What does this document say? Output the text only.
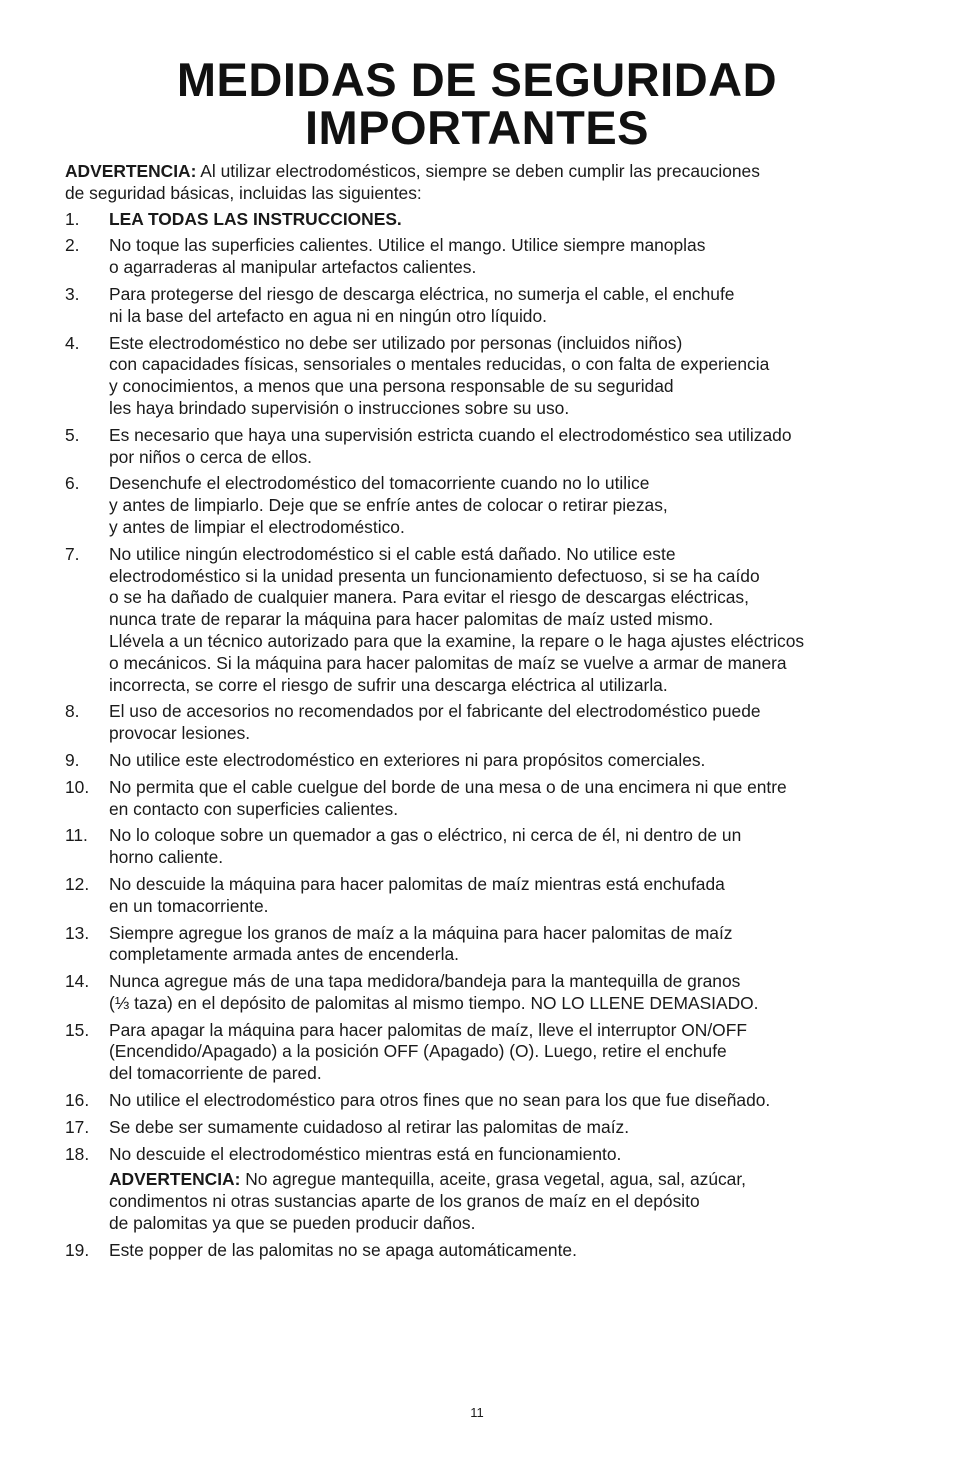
MEDIDAS DE SEGURIDAD
IMPORTANTES
ADVERTENCIA: Al utilizar electrodomésticos, siempre se deben cumplir las precauciones
de seguridad básicas, incluidas las siguientes:
1. LEA TODAS LAS INSTRUCCIONES.
2. No toque las superficies calientes. Utilice el mango. Utilice siempre manoplas
o agarraderas al manipular artefactos calientes.
3. Para protegerse del riesgo de descarga eléctrica, no sumerja el cable, el enchufe
ni la base del artefacto en agua ni en ningún otro líquido.
4. Este electrodoméstico no debe ser utilizado por personas (incluidos niños)
con capacidades físicas, sensoriales o mentales reducidas, o con falta de experiencia
y conocimientos, a menos que una persona responsable de su seguridad
les haya brindado supervisión o instrucciones sobre su uso.
5. Es necesario que haya una supervisión estricta cuando el electrodoméstico sea utilizado
por niños o cerca de ellos.
6. Desenchufe el electrodoméstico del tomacorriente cuando no lo utilice
y antes de limpiarlo. Deje que se enfríe antes de colocar o retirar piezas,
y antes de limpiar el electrodoméstico.
7. No utilice ningún electrodoméstico si el cable está dañado. No utilice este
electrodoméstico si la unidad presenta un funcionamiento defectuoso, si se ha caído
o se ha dañado de cualquier manera. Para evitar el riesgo de descargas eléctricas,
nunca trate de reparar la máquina para hacer palomitas de maíz usted mismo.
Llévela a un técnico autorizado para que la examine, la repare o le haga ajustes eléctricos
o mecánicos. Si la máquina para hacer palomitas de maíz se vuelve a armar de manera
incorrecta, se corre el riesgo de sufrir una descarga eléctrica al utilizarla.
8. El uso de accesorios no recomendados por el fabricante del electrodoméstico puede
provocar lesiones.
9. No utilice este electrodoméstico en exteriores ni para propósitos comerciales.
10. No permita que el cable cuelgue del borde de una mesa o de una encimera ni que entre
en contacto con superficies calientes.
11. No lo coloque sobre un quemador a gas o eléctrico, ni cerca de él, ni dentro de un
horno caliente.
12. No descuide la máquina para hacer palomitas de maíz mientras está enchufada
en un tomacorriente.
13. Siempre agregue los granos de maíz a la máquina para hacer palomitas de maíz
completamente armada antes de encenderla.
14. Nunca agregue más de una tapa medidora/bandeja para la mantequilla de granos
(⅓ taza) en el depósito de palomitas al mismo tiempo. NO LO LLENE DEMASIADO.
15. Para apagar la máquina para hacer palomitas de maíz, lleve el interruptor ON/OFF
(Encendido/Apagado) a la posición OFF (Apagado) (O). Luego, retire el enchufe
del tomacorriente de pared.
16. No utilice el electrodoméstico para otros fines que no sean para los que fue diseñado.
17. Se debe ser sumamente cuidadoso al retirar las palomitas de maíz.
18. No descuide el electrodoméstico mientras está en funcionamiento.
ADVERTENCIA: No agregue mantequilla, aceite, grasa vegetal, agua, sal, azúcar,
condimentos ni otras sustancias aparte de los granos de maíz en el depósito
de palomitas ya que se pueden producir daños.
19. Este popper de las palomitas no se apaga automáticamente.
11
